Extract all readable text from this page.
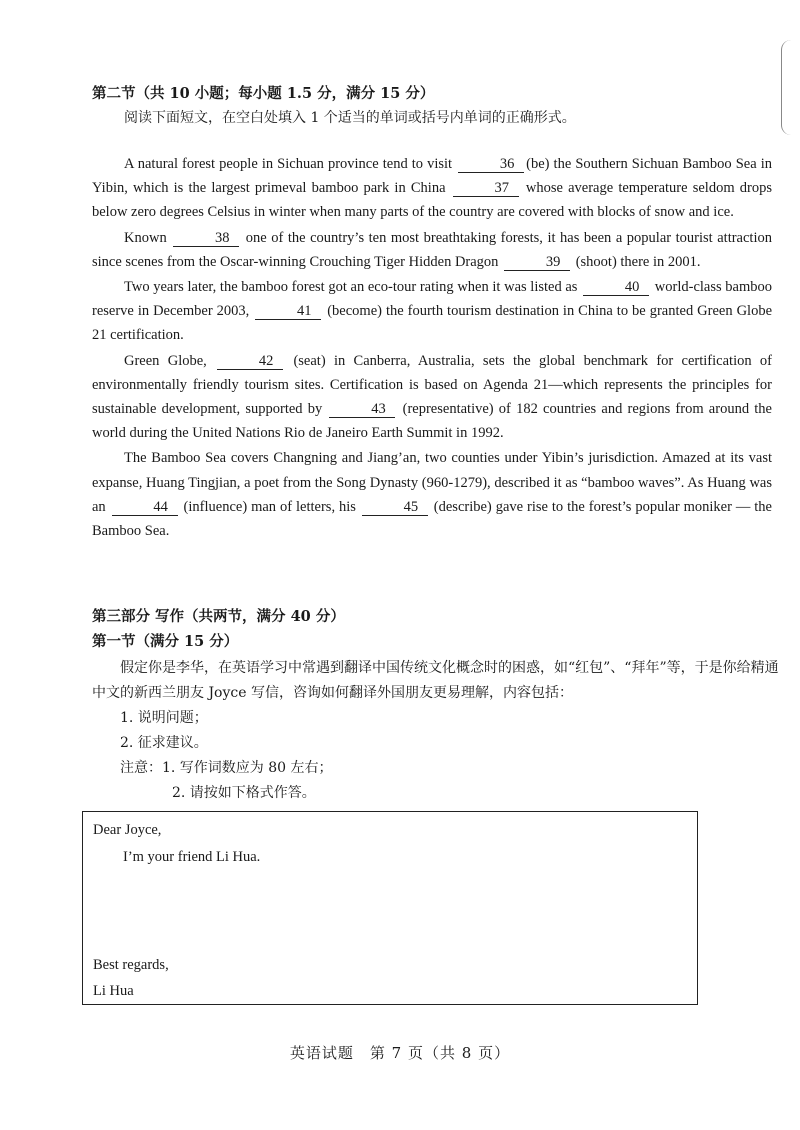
第二节（共 10 小题；每小题 1.5 分，满分 15 分）
阅读下面短文，在空白处填入 1 个适当的单词或括号内单词的正确形式。

A natural forest people in Sichuan province tend to visit	36 (be) the Southern Sichuan Bamboo Sea in Yibin, which is the largest primeval bamboo park in China	37 whose average temperature seldom drops below zero degrees Celsius in winter when many parts of the country are covered with blocks of snow and ice.

Known	38 one of the country’s ten most breathtaking forests, it has been a popular tourist attraction since scenes from the Oscar-winning Crouching Tiger Hidden Dragon	39 (shoot) there in 2001.

Two years later, the bamboo forest got an eco-tour rating when it was listed as	40 world-class bamboo reserve in December 2003,	41 (become) the fourth tourism destination in China to be granted Green Globe 21 certification.

Green Globe,	42 (seat) in Canberra, Australia, sets the global benchmark for certification of environmentally friendly tourism sites. Certification is based on Agenda 21—which represents the principles for sustainable development, supported by	43 (representative) of 182 countries and regions from around the world during the United Nations Rio de Janeiro Earth Summit in 1992.

The Bamboo Sea covers Changning and Jiang’an, two counties under Yibin’s jurisdiction. Amazed at its vast expanse, Huang Tingjian, a poet from the Song Dynasty (960-1279), described it as “bamboo waves”. As Huang was an	44 (influence) man of letters, his	45 (describe) gave rise to the forest’s popular moniker — the Bamboo Sea.

第三部分 写作（共两节，满分 40 分）
第一节（满分 15 分）

假定你是李华，在英语学习中常遇到翻译中国传统文化概念时的困惑，如“红包”、“拜年”等，于是你给精通中文的新西兰朋友 Joyce 写信，咨询如何翻译外国朋友更易理解，内容包括：

1. 说明问题；

2. 征求建议。

注意：1. 写作词数应为 80 左右；

2. 请按如下格式作答。

Dear Joyce,
I’m your friend Li Hua.
Best regards,
Li Hua
英语试题　第 7 页（共 8 页）
